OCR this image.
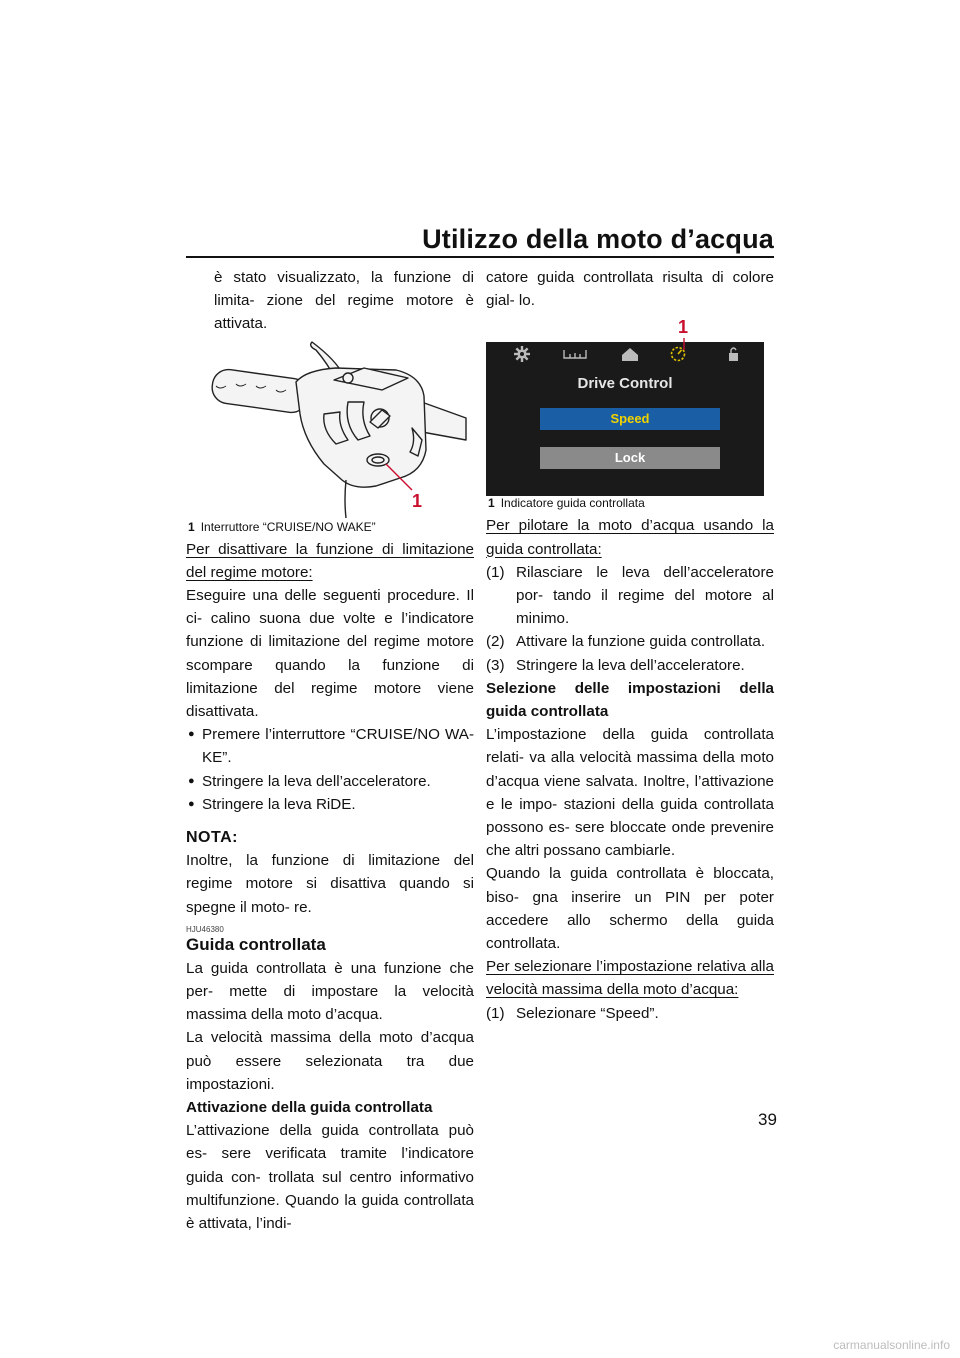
Utilizzo della moto d’acqua

è stato visualizzato, la funzione di limita- zione del regime motore è attivata.

1

1 Interruttore “CRUISE/NO WAKE”

Per disattivare la funzione di limitazione del regime motore:

Eseguire una delle seguenti procedure. Il ci- calino suona due volte e l’indicatore funzione di limitazione del regime motore scompare quando la funzione di limitazione del regime motore viene disattivata.

● Premere l’interruttore “CRUISE/NO WA- KE”.
● Stringere la leva dell’acceleratore.
● Stringere la leva RiDE.

NOTA:

Inoltre, la funzione di limitazione del regime motore si disattiva quando si spegne il moto- re.

HJU46380

Guida controllata

La guida controllata è una funzione che per- mette di impostare la velocità massima della moto d’acqua.

La velocità massima della moto d’acqua può essere selezionata tra due impostazioni.

Attivazione della guida controllata

L’attivazione della guida controllata può es- sere verificata tramite l’indicatore guida con- trollata sul centro informativo multifunzione. Quando la guida controllata è attivata, l’indi-

catore guida controllata risulta di colore gial- lo.

1
Drive Control
Speed
Lock

1 Indicatore guida controllata

Per pilotare la moto d’acqua usando la guida controllata:

(1) Rilasciare le leva dell’acceleratore por- tando il regime del motore al minimo.
(2) Attivare la funzione guida controllata.
(3) Stringere la leva dell’acceleratore.

Selezione delle impostazioni della guida controllata

L’impostazione della guida controllata relati- va alla velocità massima della moto d’acqua viene salvata. Inoltre, l’attivazione e le impo- stazioni della guida controllata possono es- sere bloccate onde prevenire che altri possano cambiarle.

Quando la guida controllata è bloccata, biso- gna inserire un PIN per poter accedere allo schermo della guida controllata.

Per selezionare l’impostazione relativa alla velocità massima della moto d’acqua:

(1) Selezionare “Speed”.
39
carmanualsonline.info
